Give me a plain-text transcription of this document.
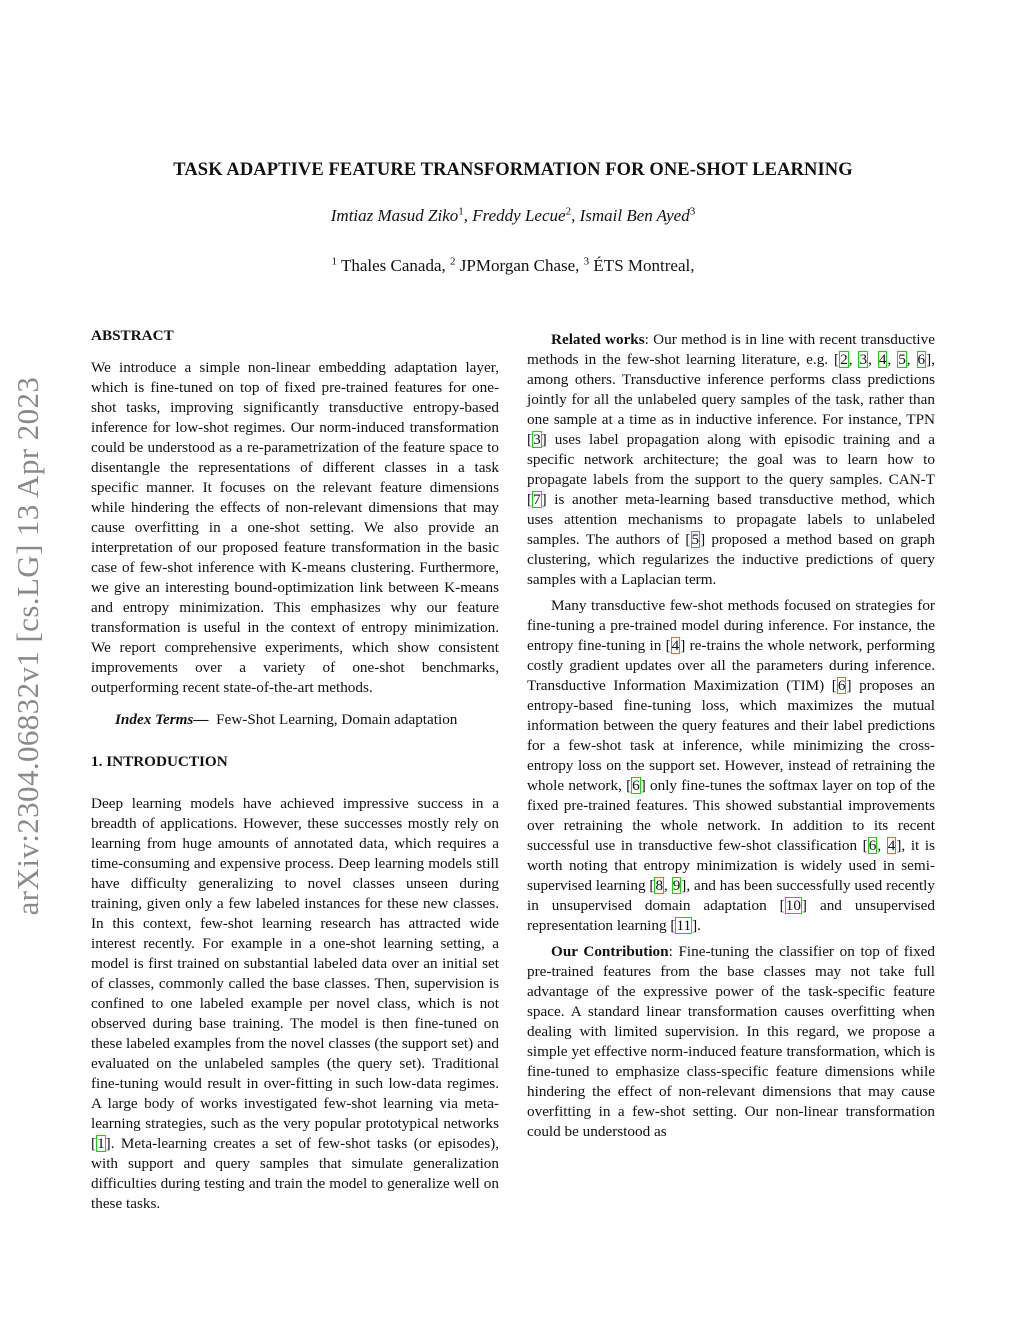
arXiv:2304.06832v1 [cs.LG] 13 Apr 2023
TASK ADAPTIVE FEATURE TRANSFORMATION FOR ONE-SHOT LEARNING
Imtiaz Masud Ziko$^1$, Freddy Lecue$^2$, Ismail Ben Ayed$^3$
$^1$ Thales Canada, $^2$ JPMorgan Chase, $^3$ ÉTS Montreal,

ABSTRACT

We introduce a simple non-linear embedding adaptation layer, which is fine-tuned on top of fixed pre-trained features for one-shot tasks, improving significantly transductive entropy-based inference for low-shot regimes. Our norm-induced transformation could be understood as a re-parametrization of the feature space to disentangle the representations of different classes in a task specific manner. It focuses on the relevant feature dimensions while hindering the effects of non-relevant dimensions that may cause overfitting in a one-shot setting. We also provide an interpretation of our proposed feature transformation in the basic case of few-shot inference with K-means clustering. Furthermore, we give an interesting bound-optimization link between K-means and entropy minimization. This emphasizes why our feature transformation is useful in the context of entropy minimization. We report comprehensive experiments, which show consistent improvements over a variety of one-shot benchmarks, outperforming recent state-of-the-art methods.

Index Terms— Few-Shot Learning, Domain adaptation

1. INTRODUCTION

Deep learning models have achieved impressive success in a breadth of applications. However, these successes mostly rely on learning from huge amounts of annotated data, which requires a time-consuming and expensive process. Deep learning models still have difficulty generalizing to novel classes unseen during training, given only a few labeled instances for these new classes. In this context, few-shot learning research has attracted wide interest recently. For example in a one-shot learning setting, a model is first trained on substantial labeled data over an initial set of classes, commonly called the base classes. Then, supervision is confined to one labeled example per novel class, which is not observed during base training. The model is then fine-tuned on these labeled examples from the novel classes (the support set) and evaluated on the unlabeled samples (the query set). Traditional fine-tuning would result in over-fitting in such low-data regimes. A large body of works investigated few-shot learning via meta-learning strategies, such as the very popular prototypical networks [1]. Meta-learning creates a set of few-shot tasks (or episodes), with support and query samples that simulate generalization difficulties during testing and train the model to generalize well on these tasks.

Related works: Our method is in line with recent transductive methods in the few-shot learning literature, e.g. [2, 3, 4, 5, 6], among others. Transductive inference performs class predictions jointly for all the unlabeled query samples of the task, rather than one sample at a time as in inductive inference. For instance, TPN [3] uses label propagation along with episodic training and a specific network architecture; the goal was to learn how to propagate labels from the support to the query samples. CAN-T [7] is another meta-learning based transductive method, which uses attention mechanisms to propagate labels to unlabeled samples. The authors of [5] proposed a method based on graph clustering, which regularizes the inductive predictions of query samples with a Laplacian term.

Many transductive few-shot methods focused on strategies for fine-tuning a pre-trained model during inference. For instance, the entropy fine-tuning in [4] re-trains the whole network, performing costly gradient updates over all the parameters during inference. Transductive Information Maximization (TIM) [6] proposes an entropy-based fine-tuning loss, which maximizes the mutual information between the query features and their label predictions for a few-shot task at inference, while minimizing the cross-entropy loss on the support set. However, instead of retraining the whole network, [6] only fine-tunes the softmax layer on top of the fixed pre-trained features. This showed substantial improvements over retraining the whole network. In addition to its recent successful use in transductive few-shot classification [6, 4], it is worth noting that entropy minimization is widely used in semi-supervised learning [8, 9], and has been successfully used recently in unsupervised domain adaptation [10] and unsupervised representation learning [11].

Our Contribution: Fine-tuning the classifier on top of fixed pre-trained features from the base classes may not take full advantage of the expressive power of the task-specific feature space. A standard linear transformation causes overfitting when dealing with limited supervision. In this regard, we propose a simple yet effective norm-induced feature transformation, which is fine-tuned to emphasize class-specific feature dimensions while hindering the effect of non-relevant dimensions that may cause overfitting in a few-shot setting. Our non-linear transformation could be understood as
